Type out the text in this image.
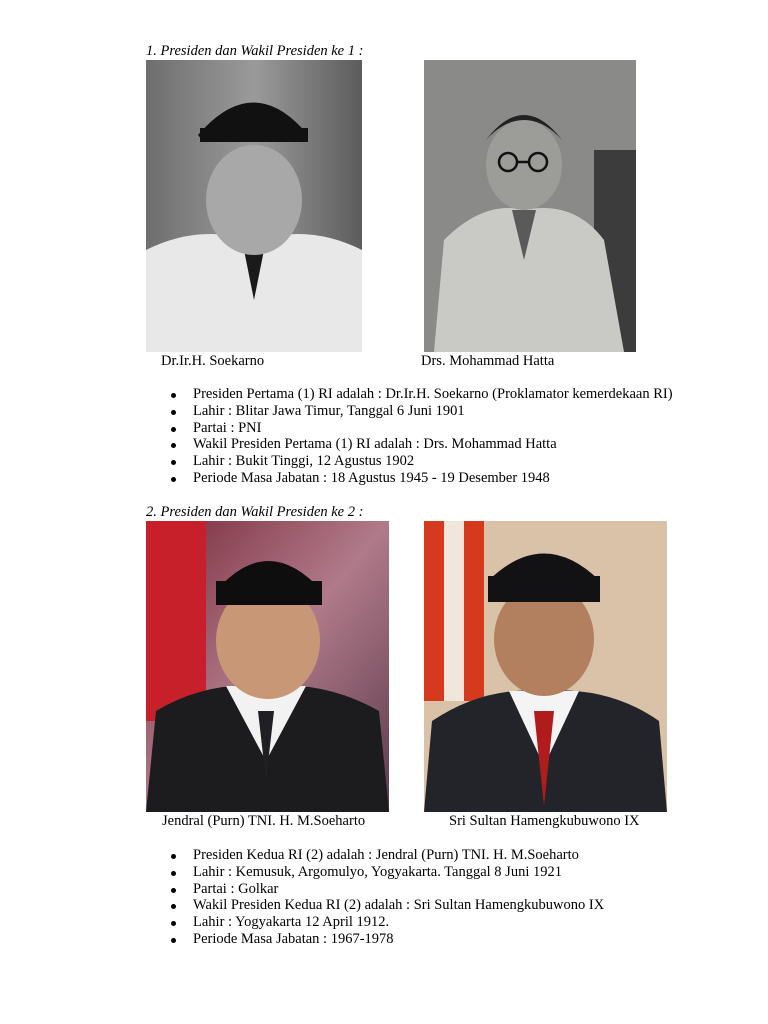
1. Presiden dan Wakil Presiden ke 1 :
Dr.Ir.H. Soekarno	Drs. Mohammad Hatta
Presiden Pertama (1) RI adalah : Dr.Ir.H. Soekarno (Proklamator kemerdekaan RI)
Lahir : Blitar Jawa Timur, Tanggal 6 Juni 1901
Partai : PNI
Wakil Presiden Pertama (1) RI adalah : Drs. Mohammad Hatta
Lahir : Bukit Tinggi, 12 Agustus 1902
Periode Masa Jabatan : 18 Agustus 1945 - 19 Desember 1948
2. Presiden dan Wakil Presiden ke 2 :
Jendral (Purn) TNI. H. M.Soeharto	Sri Sultan Hamengkubuwono IX
Presiden Kedua RI (2) adalah : Jendral (Purn) TNI. H. M.Soeharto
Lahir : Kemusuk, Argomulyo, Yogyakarta. Tanggal 8 Juni 1921
Partai : Golkar
Wakil Presiden Kedua RI (2) adalah : Sri Sultan Hamengkubuwono IX
Lahir : Yogyakarta 12 April 1912.
Periode Masa Jabatan : 1967-1978
